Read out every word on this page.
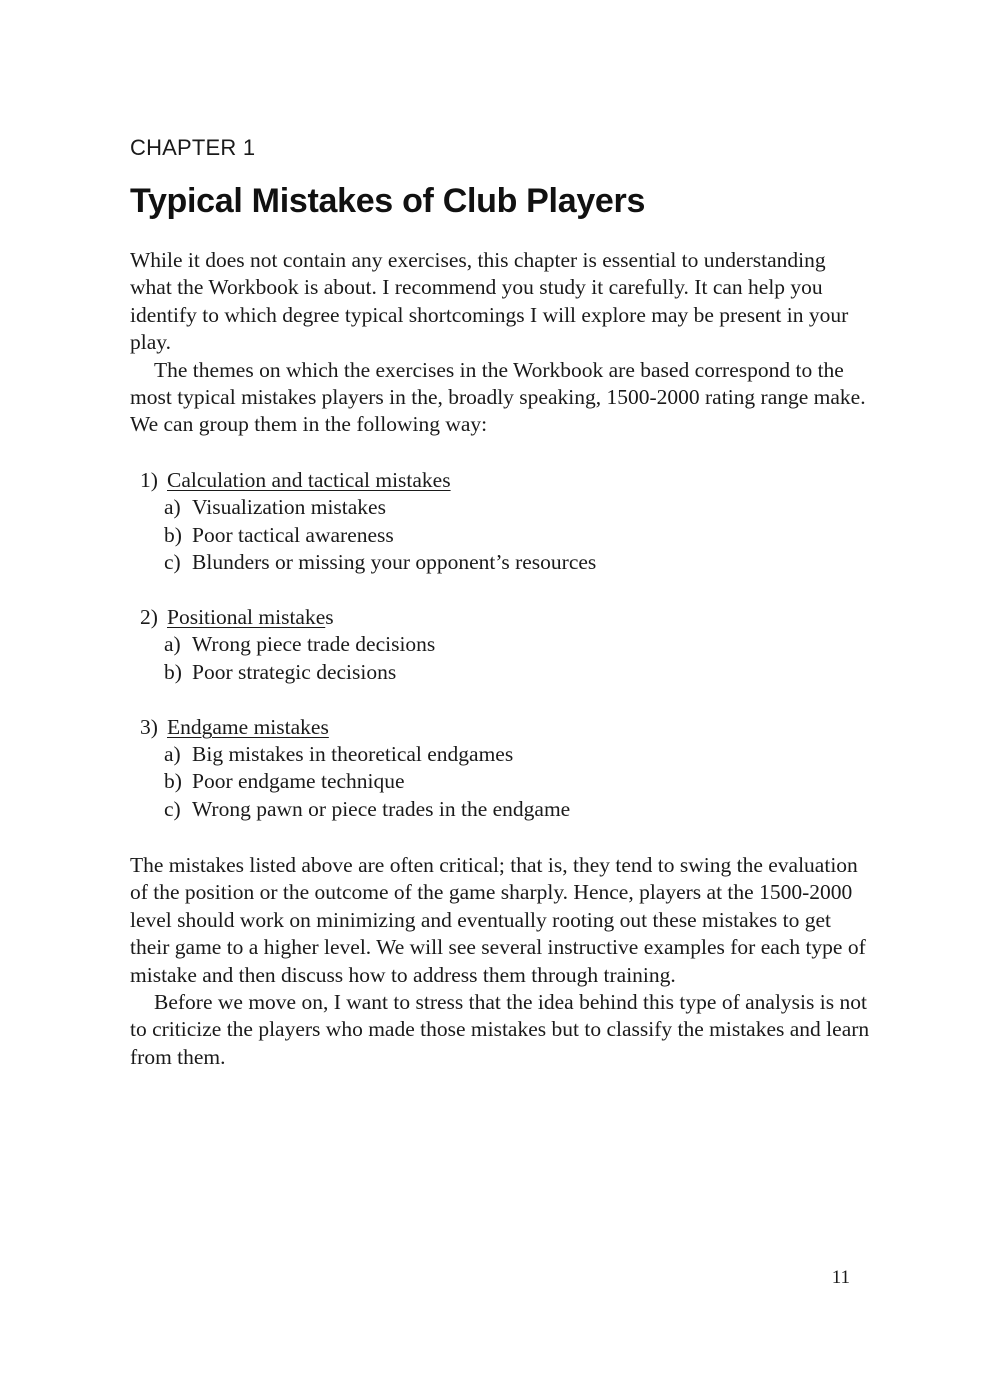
CHAPTER 1
Typical Mistakes of Club Players

While it does not contain any exercises, this chapter is essential to understanding what the Workbook is about. I recommend you study it carefully. It can help you identify to which degree typical shortcomings I will explore may be present in your play.

The themes on which the exercises in the Workbook are based correspond to the most typical mistakes players in the, broadly speaking, 1500-2000 rating range make. We can group them in the following way:

1) Calculation and tactical mistakes
a) Visualization mistakes
b) Poor tactical awareness
c) Blunders or missing your opponent’s resources
2) Positional mistakes
a) Wrong piece trade decisions
b) Poor strategic decisions
3) Endgame mistakes
a) Big mistakes in theoretical endgames
b) Poor endgame technique
c) Wrong pawn or piece trades in the endgame

The mistakes listed above are often critical; that is, they tend to swing the evaluation of the position or the outcome of the game sharply. Hence, players at the 1500-2000 level should work on minimizing and eventually rooting out these mistakes to get their game to a higher level. We will see several instructive examples for each type of mistake and then discuss how to address them through training.

Before we move on, I want to stress that the idea behind this type of analysis is not to criticize the players who made those mistakes but to classify the mistakes and learn from them.

11
